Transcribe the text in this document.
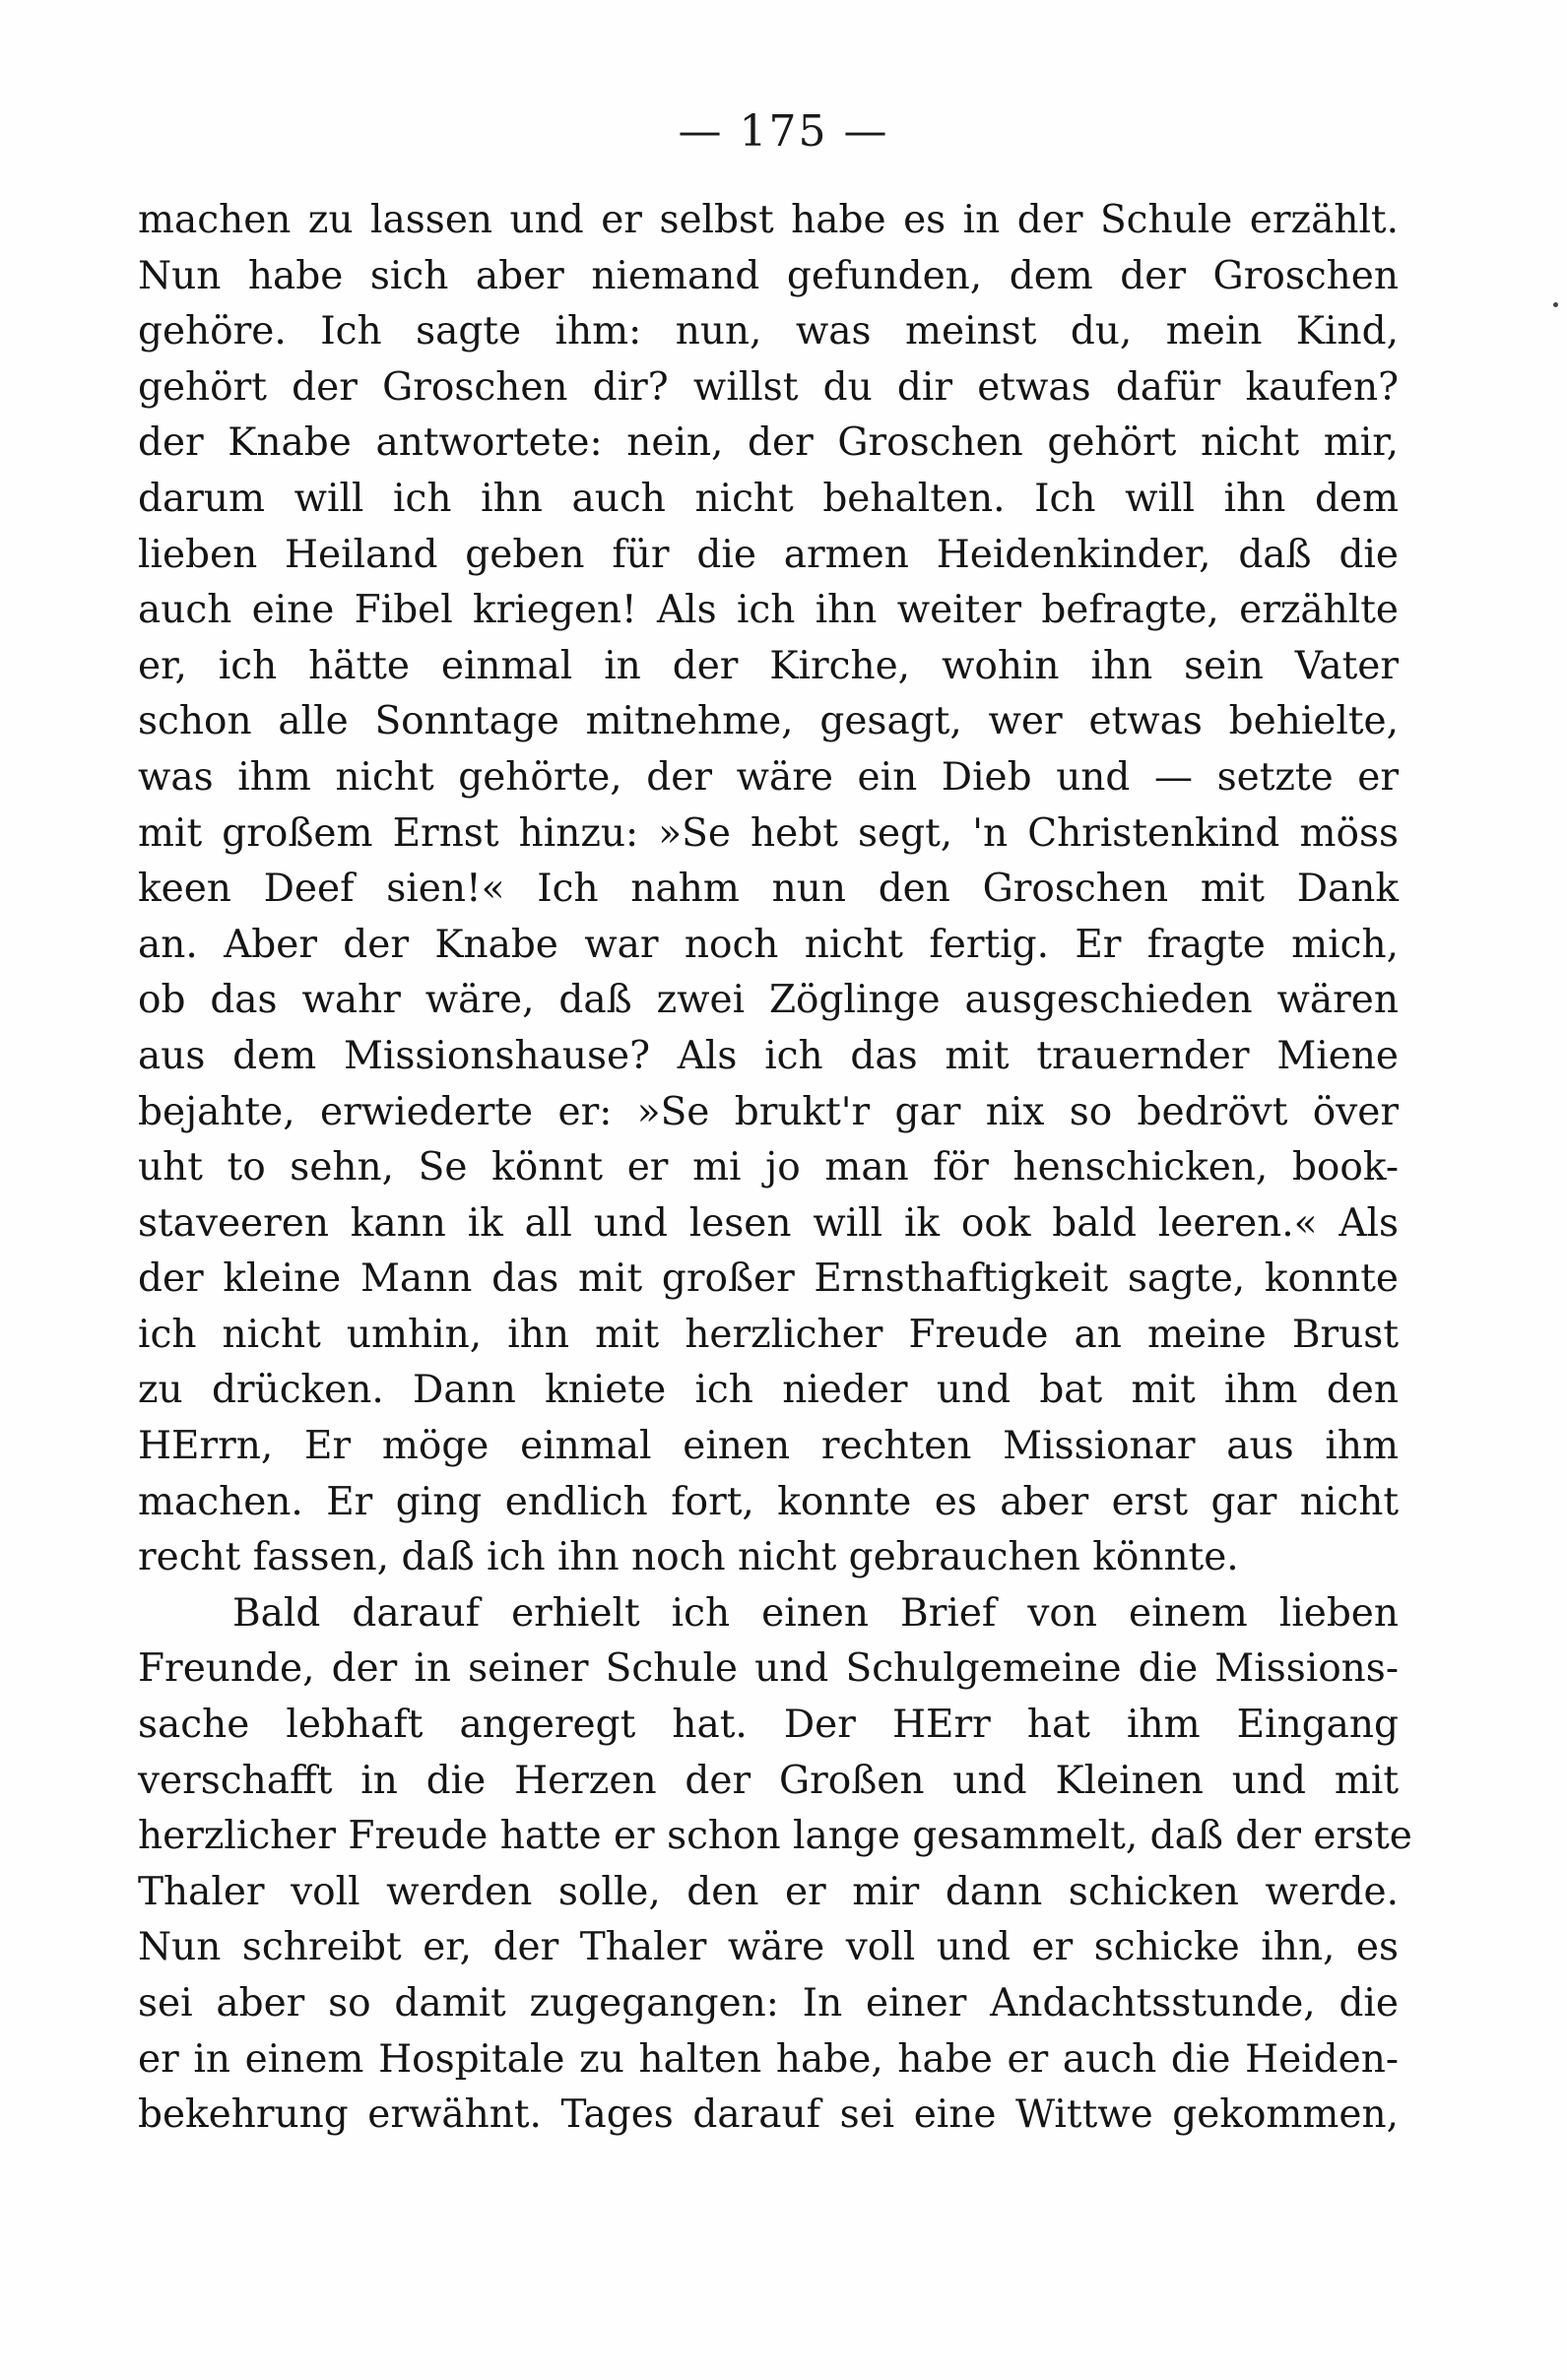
— 175 —
machen zu lassen und er selbst habe es in der Schule erzählt.
Nun habe sich aber niemand gefunden, dem der Groschen
gehöre. Ich sagte ihm: nun, was meinst du, mein Kind,
gehört der Groschen dir? willst du dir etwas dafür kaufen?
der Knabe antwortete: nein, der Groschen gehört nicht mir,
darum will ich ihn auch nicht behalten. Ich will ihn dem
lieben Heiland geben für die armen Heidenkinder, daß die
auch eine Fibel kriegen! Als ich ihn weiter befragte, erzählte
er, ich hätte einmal in der Kirche, wohin ihn sein Vater
schon alle Sonntage mitnehme, gesagt, wer etwas behielte,
was ihm nicht gehörte, der wäre ein Dieb und — setzte er
mit großem Ernst hinzu: »Se hebt segt, 'n Christenkind möss
keen Deef sien!« Ich nahm nun den Groschen mit Dank
an. Aber der Knabe war noch nicht fertig. Er fragte mich,
ob das wahr wäre, daß zwei Zöglinge ausgeschieden wären
aus dem Missionshause? Als ich das mit trauernder Miene
bejahte, erwiederte er: »Se brukt'r gar nix so bedrövt över
uht to sehn, Se könnt er mi jo man för henschicken, book-
staveeren kann ik all und lesen will ik ook bald leeren.« Als
der kleine Mann das mit großer Ernsthaftigkeit sagte, konnte
ich nicht umhin, ihn mit herzlicher Freude an meine Brust
zu drücken. Dann kniete ich nieder und bat mit ihm den
HErrn, Er möge einmal einen rechten Missionar aus ihm
machen. Er ging endlich fort, konnte es aber erst gar nicht
recht fassen, daß ich ihn noch nicht gebrauchen könnte.
Bald darauf erhielt ich einen Brief von einem lieben
Freunde, der in seiner Schule und Schulgemeine die Missions-
sache lebhaft angeregt hat. Der HErr hat ihm Eingang
verschafft in die Herzen der Großen und Kleinen und mit
herzlicher Freude hatte er schon lange gesammelt, daß der erste
Thaler voll werden solle, den er mir dann schicken werde.
Nun schreibt er, der Thaler wäre voll und er schicke ihn, es
sei aber so damit zugegangen: In einer Andachtsstunde, die
er in einem Hospitale zu halten habe, habe er auch die Heiden-
bekehrung erwähnt. Tages darauf sei eine Wittwe gekommen,
